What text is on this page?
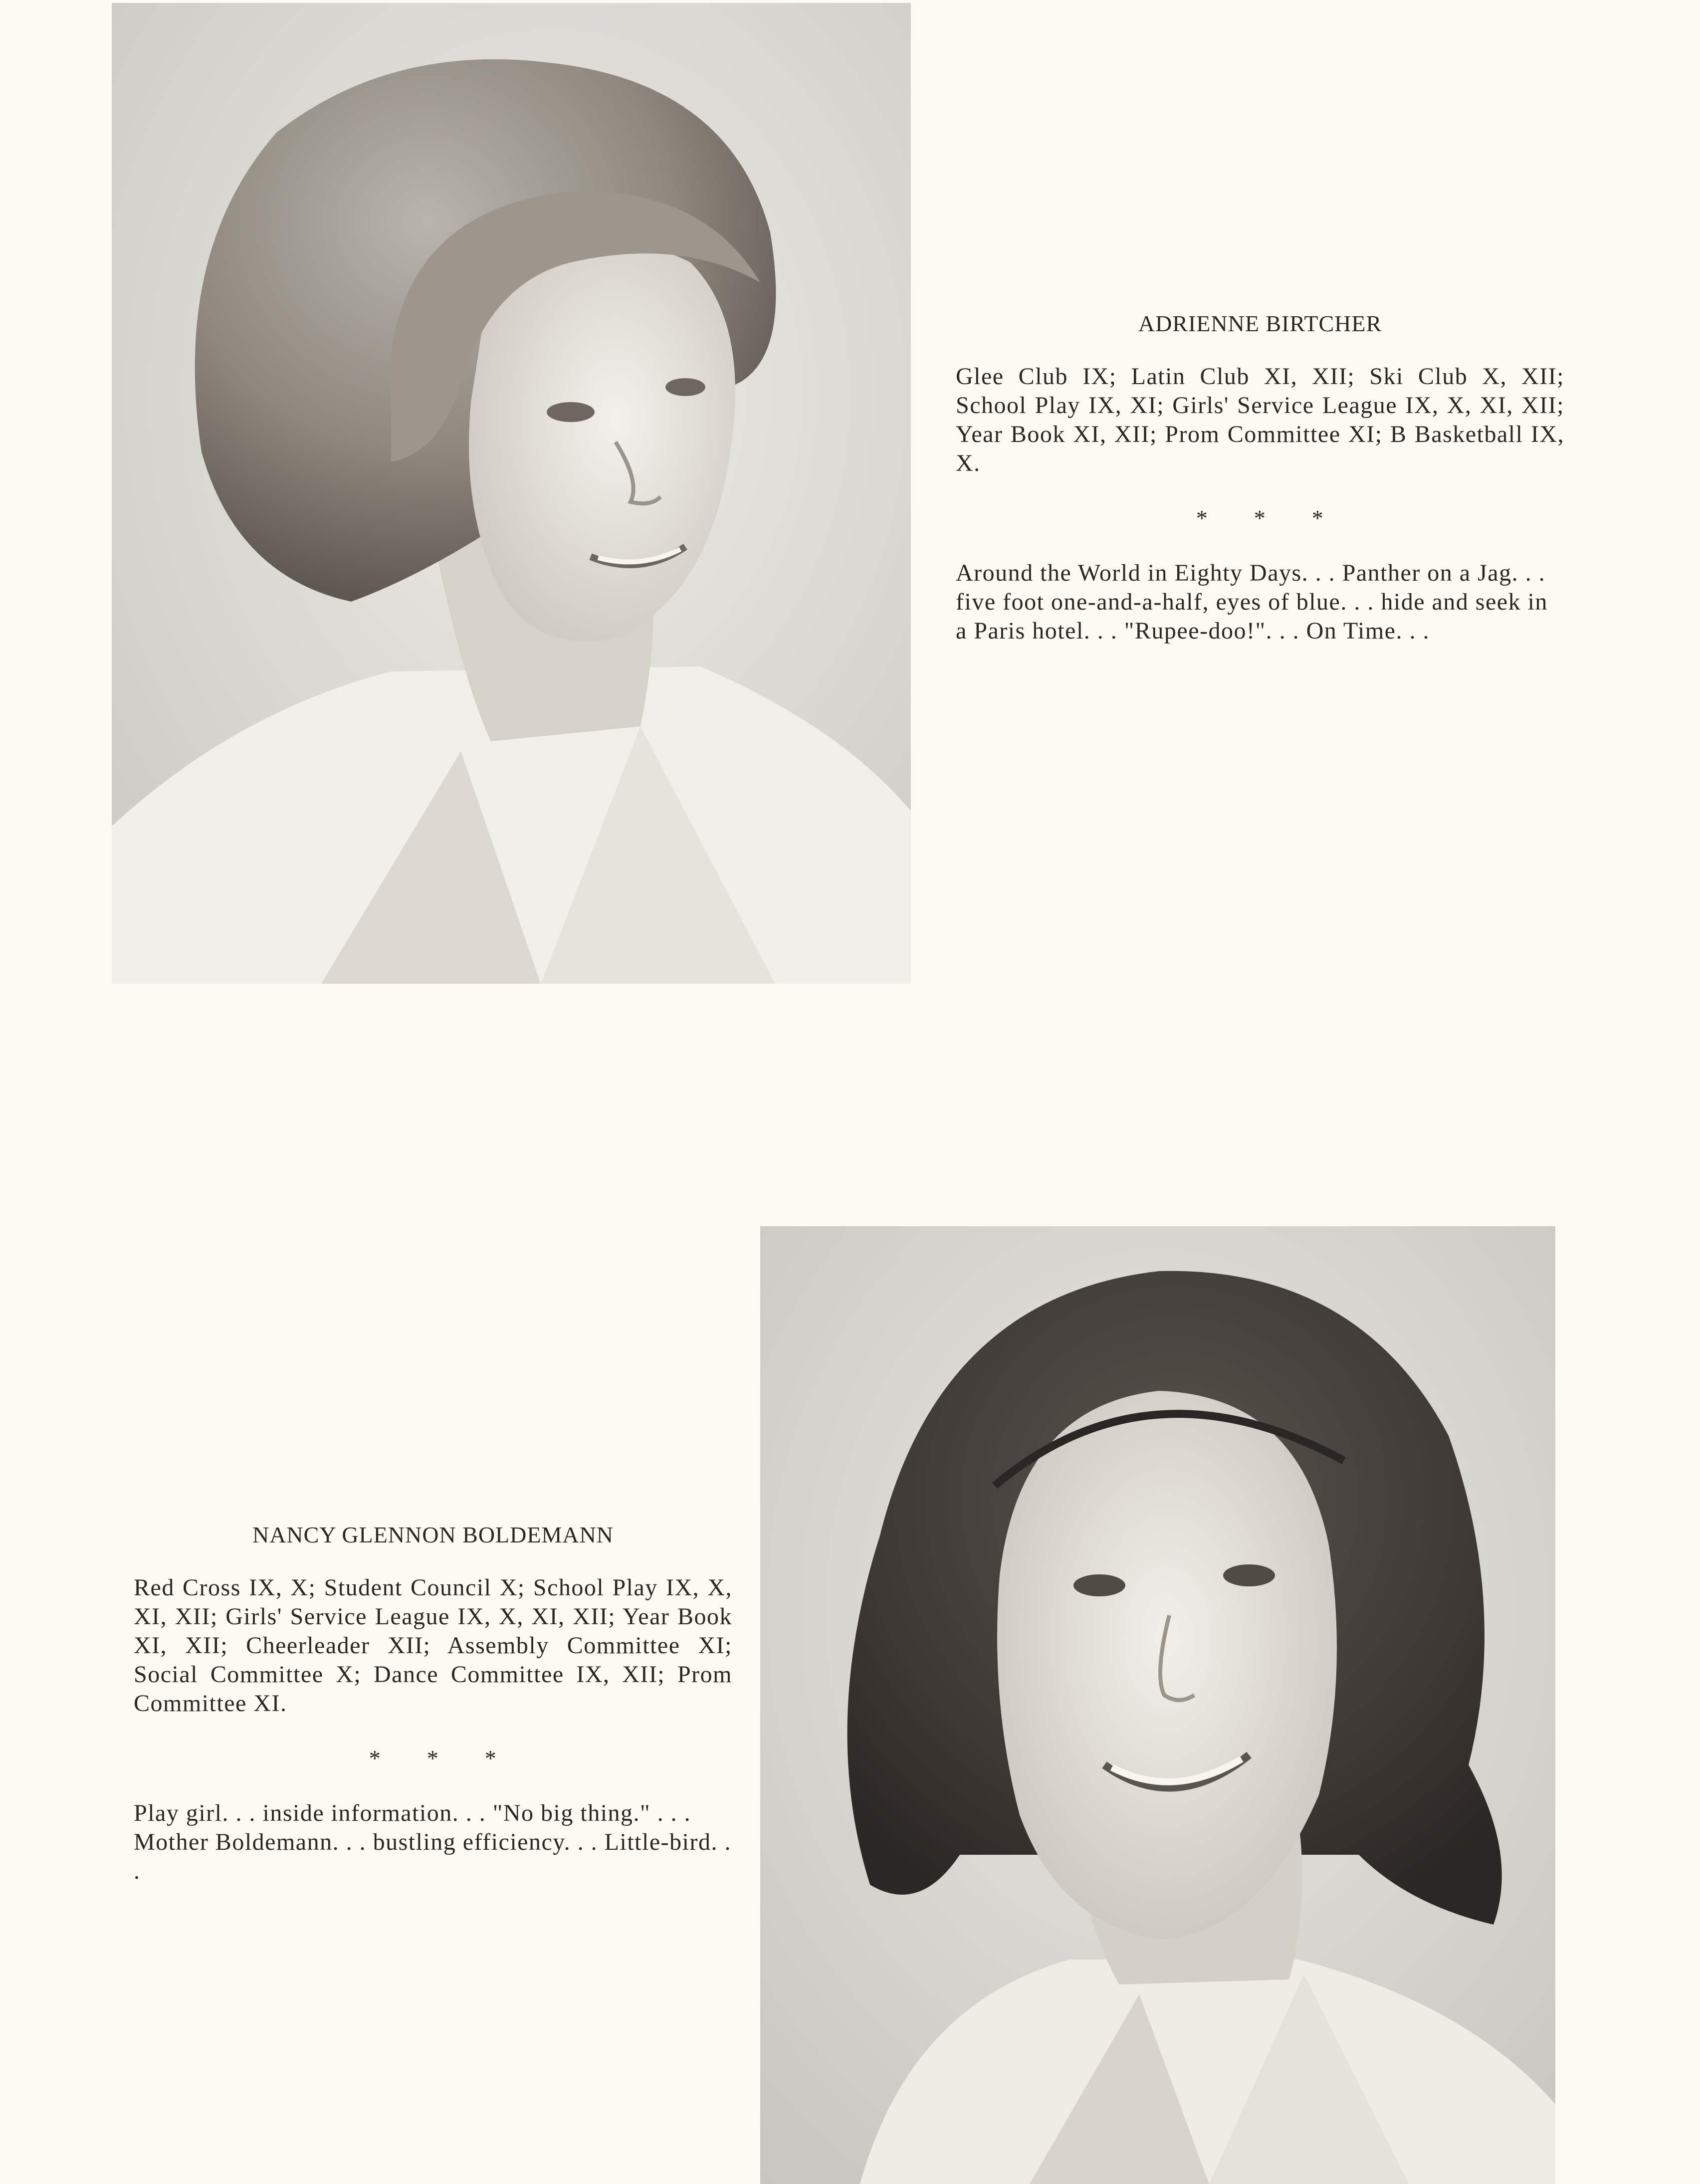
ADRIENNE BIRTCHER

Glee Club IX; Latin Club XI, XII; Ski Club X, XII; School Play IX, XI; Girls' Service League IX, X, XI, XII; Year Book XI, XII; Prom Committee XI; B Basketball IX, X.

* * *

Around the World in Eighty Days. . . Panther on a Jag. . . five foot one-and-a-half, eyes of blue. . . hide and seek in a Paris hotel. . . "Rupee-doo!". . . On Time. . .

NANCY GLENNON BOLDEMANN

Red Cross IX, X; Student Council X; School Play IX, X, XI, XII; Girls' Service League IX, X, XI, XII; Year Book XI, XII; Cheerleader XII; Assembly Committee XI; Social Committee X; Dance Committee IX, XII; Prom Committee XI.

* * *

Play girl. . . inside information. . . "No big thing." . . . Mother Boldemann. . . bustling efficiency. . . Little-bird. . .
